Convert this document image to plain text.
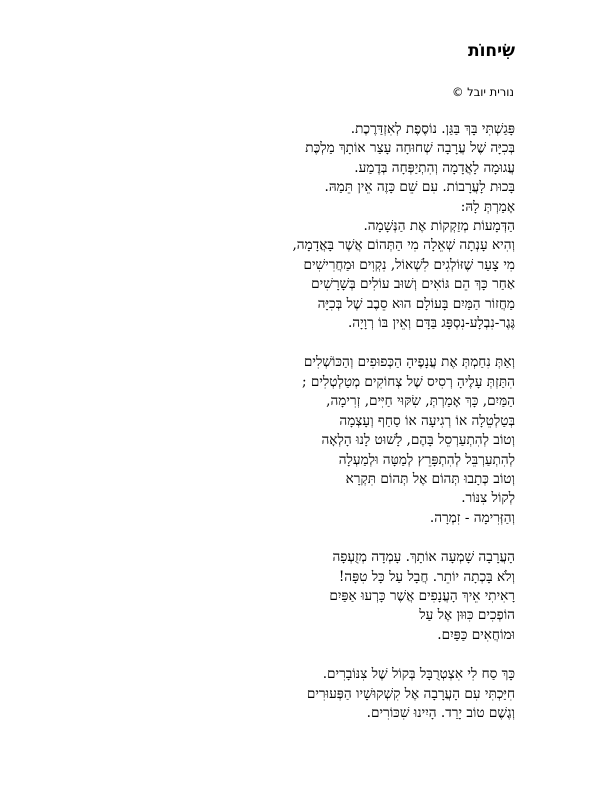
שִׂיחוֹת
נורית יובל ©
פָּגַשְׁתִּי בָּךְ בַּגַּן. נוֹסֶפֶת לְאִזְדַּרֶכֶת.
בְּכִיָּה שֶׁל עֲרָבָה שְׁחוּחָה עָצַר אוֹתָךְ מַלְכֶּת
עֲגוּמָה לָאֲדָמָה וְהִתְיַפְּחָה בְּדֶמַע.
בָּכוּת לָעֲרָבוֹת. עִם שֵׁם כָּזֶה אֵין תֵּמַהּ.
אָמַרְתְּ לָהּ:
הַדְּמָעוֹת מְזַקְקוֹת אֶת הַנְּשָׁמָה.
וְהִיא עָנְתָה שְׁאֵלָה מִי הַתְּהוֹם אֲשֶׁר בָּאֲדָמָה,
מִי צָעַר שֶׁזּוֹלְגִים לִשְׁאוֹל, נִקְוִים וּמַחֲרִישִׁים
אַחַר כָּךְ הֵם גּוֹאִים וְשׁוּב עוֹלִים בְּשָׁרָשִׁים
מַחֲזוֹר הַמַּיִם בָּעוֹלָם הוּא סֵבֶב שֶׁל בְּכִיָּה
גֶּגֶר-נִבְלָע-נִסְפָּג בַּדָּם וְאֵין בּוֹ רְוָיָה.
וְאַתְּ נִחַמְתְּ אֶת עֲנָפֶיהָ הַכְּפוּפִים וְהַכּוֹשְׁלִים
הִתַּזְתְּ עָלֶיהָ רְסִיס שֶׁל צְחוֹקִים מְטַלְטְלִים ;
הַמַּיִם, כָּךְ אָמַרְתְּ, שִׂקּוּי חַיִּים, זְרִימָה,
בְּטַלְטֵלָה אוֹ רְגִיעָה אוֹ סַחַף וְעָצְמָה
וְטוֹב לְהִתְעַרְסֵל בָּהֶם, לָשׁוּט לָנוּ הָלְאָה
לְהִתְעַרְבֵּל לְהִתְפָּרֵץ לְמַטָּה וּלְמַעְלָה
וְטוֹב כְּתָבוּ תְּהוֹם אֶל תְּהוֹם תִּקְרָא
לְקוֹל צִנּוֹר.
וְהַזְּרִימָה - זִמְרָה.
הָעֲרָבָה שָׁמְעָה אוֹתָךְ. עָמְדָה מְזֻעְפָה
וְלֹא בָּכְתָה יוֹתֵר. חֲבָל עַל כָּל טִפָּה!
רָאִיתִי אֵיךְ הָעֲנָפִים אֲשֶׁר כָּרְעוּ אַפַּיִם
הוֹפְכִים כִּוּוּן אֶל עַל
וּמוֹחֲאִים כַּפַּיִם.
כָּךְ סַח לִי אִצְטְרֻבָּל בְּקוֹל שֶׁל צִנּוֹבָרִים.
חִיַּכְתִּי עִם הָעֲרָבָה אֶל קִשְׁקוּשָׁיו הַפְּעוּרִים
וְגֶשֶׁם טוֹב יָרַד. הָיִינוּ שִׁכּוֹרִים.
